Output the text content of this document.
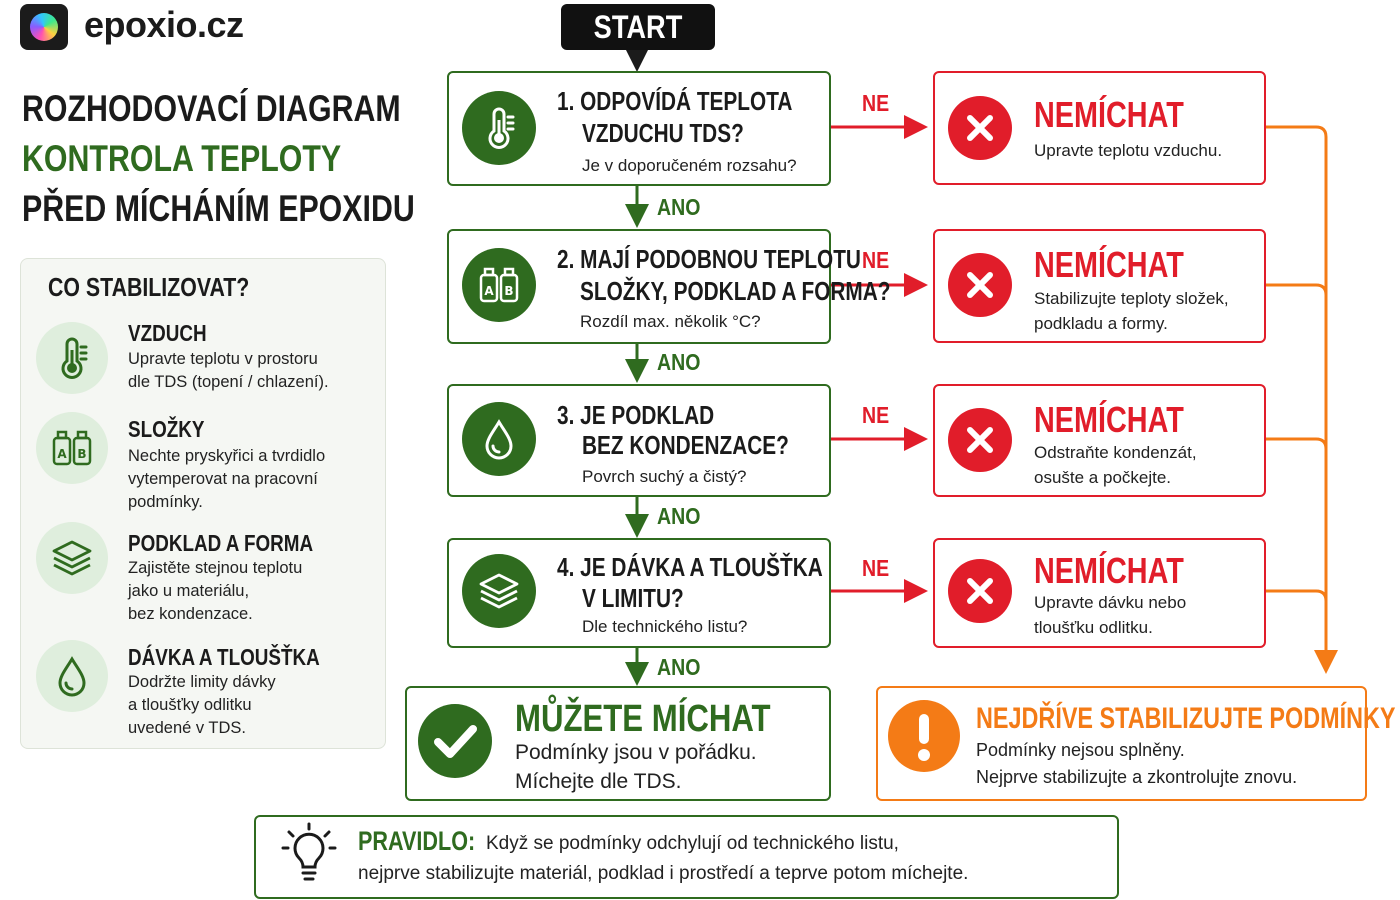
epoxio.cz
ROZHODOVACÍ DIAGRAM
KONTROLA TEPLOTY
PŘED MÍCHÁNÍM EPOXIDU
CO STABILIZOVAT?
VZDUCH
Upravte teplotu v prostoru
dle TDS (topení / chlazení).
A B
SLOŽKY
Nechte pryskyřici a tvrdidlo
vytemperovat na pracovní
podmínky.
PODKLAD A FORMA
Zajistěte stejnou teplotu
jako u materiálu,
bez kondenzace.
DÁVKA A TLOUŠŤKA
Dodržte limity dávky
a tloušťky odlitku
uvedené v TDS.
START
1. ODPOVÍDÁ TEPLOTA
VZDUCHU TDS?
Je v doporučeném rozsahu?
A B
2. MAJÍ PODOBNOU TEPLOTU
SLOŽKY, PODKLAD A FORMA?
Rozdíl max. několik °C?
3. JE PODKLAD
BEZ KONDENZACE?
Povrch suchý a čistý?
4. JE DÁVKA A TLOUŠŤKA
V LIMITU?
Dle technického listu?
ANO
ANO
ANO
ANO
NE
NE
NE
NE
NEMÍCHAT
Upravte teplotu vzduchu.
NEMÍCHAT
Stabilizujte teploty složek,
podkladu a formy.
NEMÍCHAT
Odstraňte kondenzát,
osušte a počkejte.
NEMÍCHAT
Upravte dávku nebo
tloušťku odlitku.
MŮŽETE MÍCHAT
Podmínky jsou v pořádku.
Míchejte dle TDS.
NEJDŘÍVE STABILIZUJTE PODMÍNKY
Podmínky nejsou splněny.
Nejprve stabilizujte a zkontrolujte znovu.
PRAVIDLO: Když se podmínky odchylují od technického listu,
nejprve stabilizujte materiál, podklad i prostředí a teprve potom míchejte.
